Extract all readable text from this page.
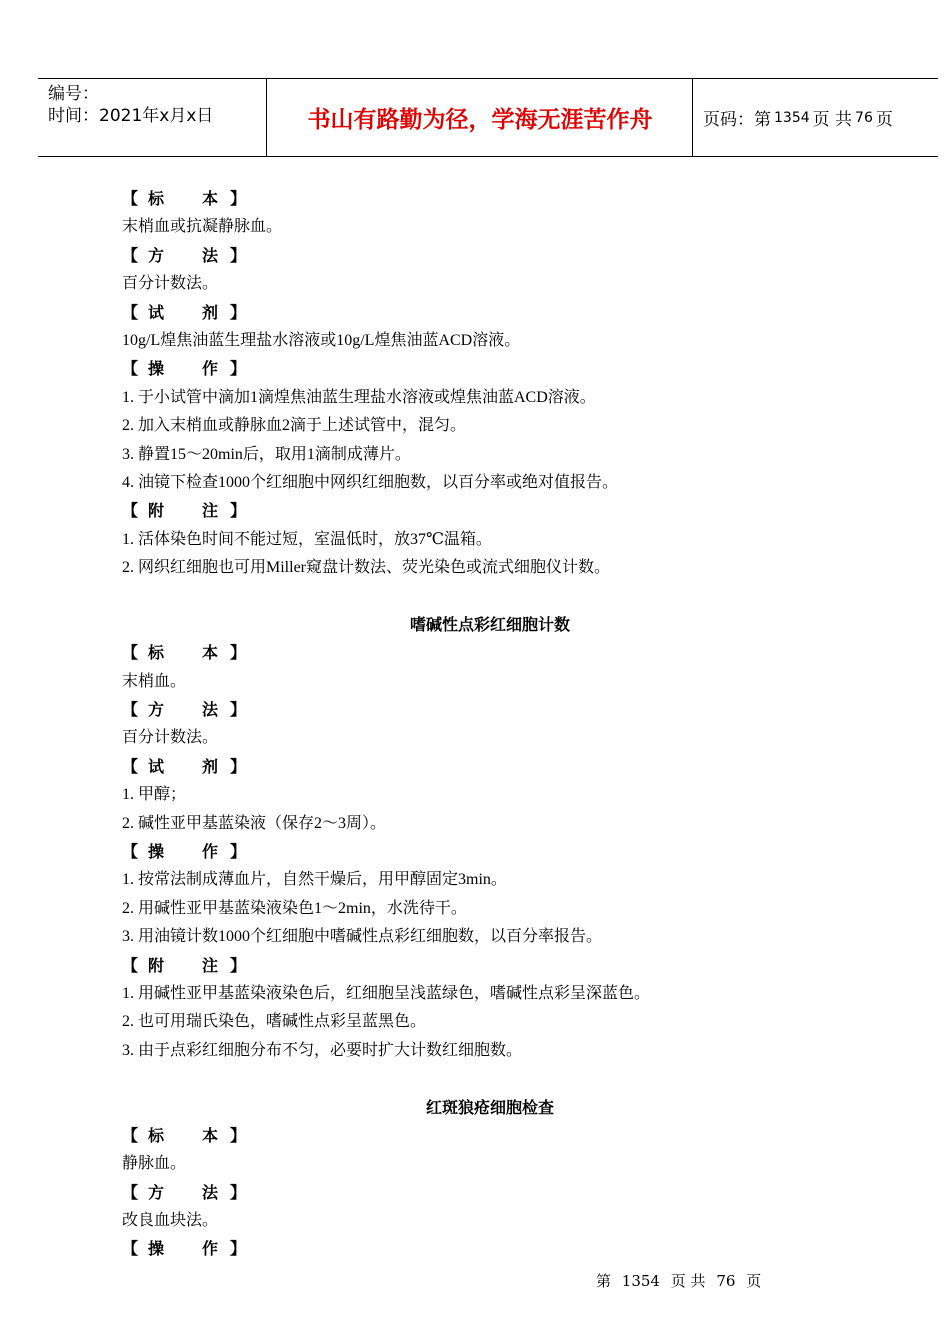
编号：
时间：2021年x月x日	书山有路勤为径，学海无涯苦作舟	页码：第 1354 页 共 76 页
【 标 本 】
末梢血或抗凝静脉血。
【 方 法 】
百分计数法。
【 试 剂 】
10g/L煌焦油蓝生理盐水溶液或10g/L煌焦油蓝ACD溶液。
【 操 作 】
1. 于小试管中滴加1滴煌焦油蓝生理盐水溶液或煌焦油蓝ACD溶液。
2. 加入末梢血或静脉血2滴于上述试管中，混匀。
3. 静置15～20min后，取用1滴制成薄片。
4. 油镜下检查1000个红细胞中网织红细胞数，以百分率或绝对值报告。
【 附 注 】
1. 活体染色时间不能过短，室温低时，放37℃温箱。
2. 网织红细胞也可用Miller窥盘计数法、荧光染色或流式细胞仪计数。
嗜碱性点彩红细胞计数
【 标 本 】
末梢血。
【 方 法 】
百分计数法。
【 试 剂 】
1. 甲醇；
2. 碱性亚甲基蓝染液（保存2～3周）。
【 操 作 】
1. 按常法制成薄血片，自然干燥后，用甲醇固定3min。
2. 用碱性亚甲基蓝染液染色1～2min，水洗待干。
3. 用油镜计数1000个红细胞中嗜碱性点彩红细胞数，以百分率报告。
【 附 注 】
1. 用碱性亚甲基蓝染液染色后，红细胞呈浅蓝绿色，嗜碱性点彩呈深蓝色。
2. 也可用瑞氏染色，嗜碱性点彩呈蓝黑色。
3. 由于点彩红细胞分布不匀，必要时扩大计数红细胞数。
红斑狼疮细胞检查
【 标 本 】
静脉血。
【 方 法 】
改良血块法。
【 操 作 】
第 1354 页 共 76 页
